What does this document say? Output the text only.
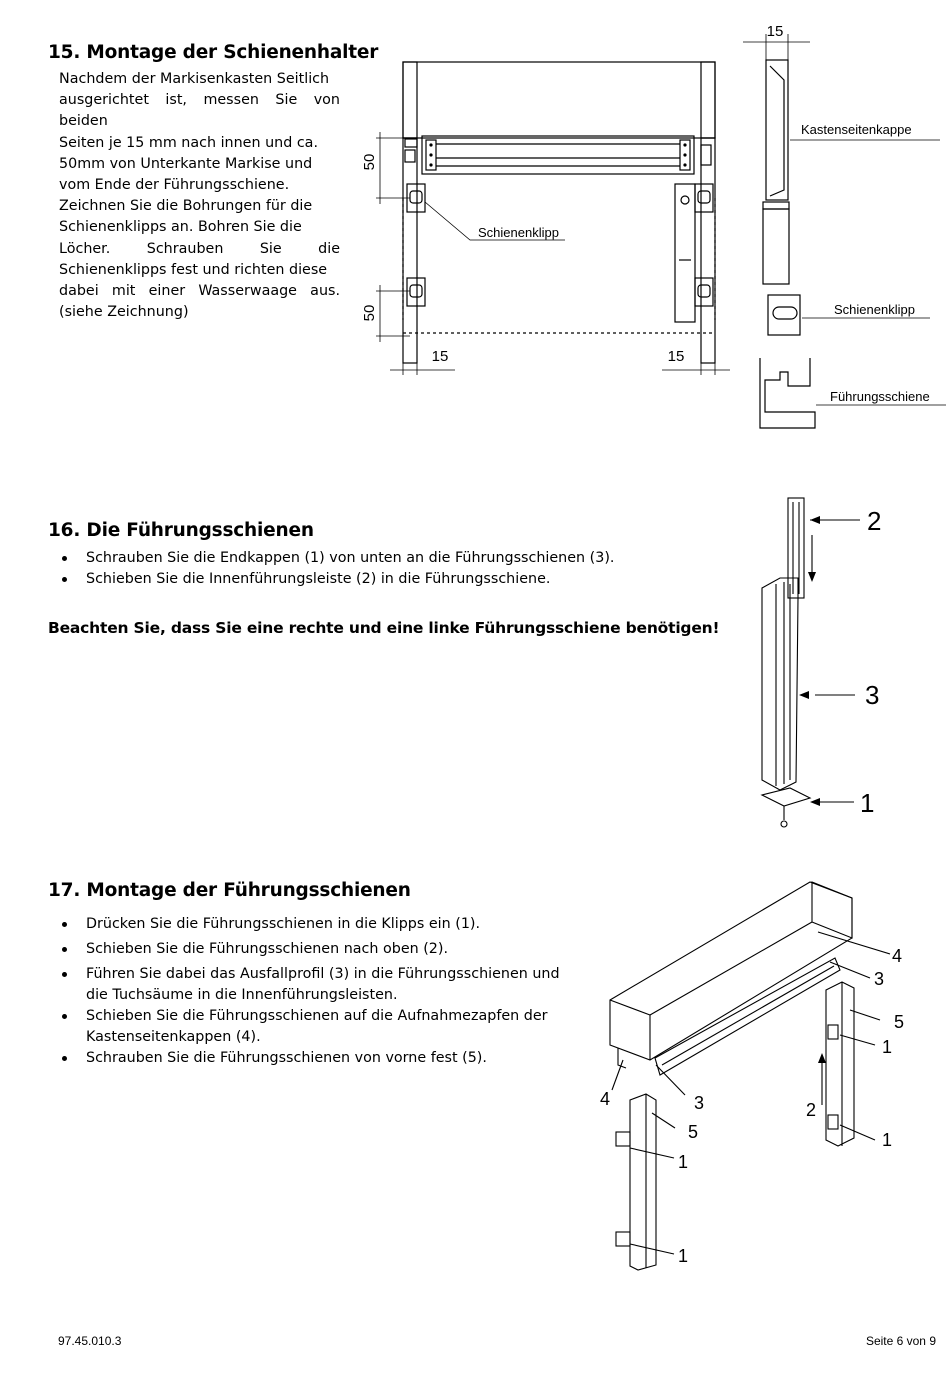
15. Montage der Schienenhalter

Nachdem der Markisenkasten Seitlich

ausgerichtet ist, messen Sie von beiden

Seiten je 15 mm nach innen und ca.

50mm von Unterkante Markise und

vom Ende der Führungsschiene.

Zeichnen Sie die Bohrungen für die

Schienenklipps an. Bohren Sie die

Löcher. Schrauben Sie die

Schienenklipps fest und richten diese

dabei mit einer Wasserwaage aus.

(siehe Zeichnung)

50
50
15	15
Schienenklipp
15
Kastenseitenkappe
Schienenklipp
Führungsschiene
16. Die Führungsschienen
Schrauben Sie die Endkappen (1) von unten an die Führungsschienen (3).
Schieben Sie die Innenführungsleiste (2) in die Führungsschiene.
Beachten Sie, dass Sie eine rechte und eine linke Führungsschiene benötigen!
2
3
1
17. Montage der Führungsschienen
Drücken Sie die Führungsschienen in die Klipps ein (1).
Schieben Sie die Führungsschienen nach oben (2).
Führen Sie dabei das Ausfallprofil (3) in die Führungsschienen und die Tuchsäume in die Innenführungsleisten.
Schieben Sie die Führungsschienen auf die Aufnahmezapfen der Kastenseitenkappen (4).
Schrauben Sie die Führungsschienen von vorne fest (5).
4
3
5
1
2
1
4	3
5
1
1
97.45.010.3	Seite 6 von 9
